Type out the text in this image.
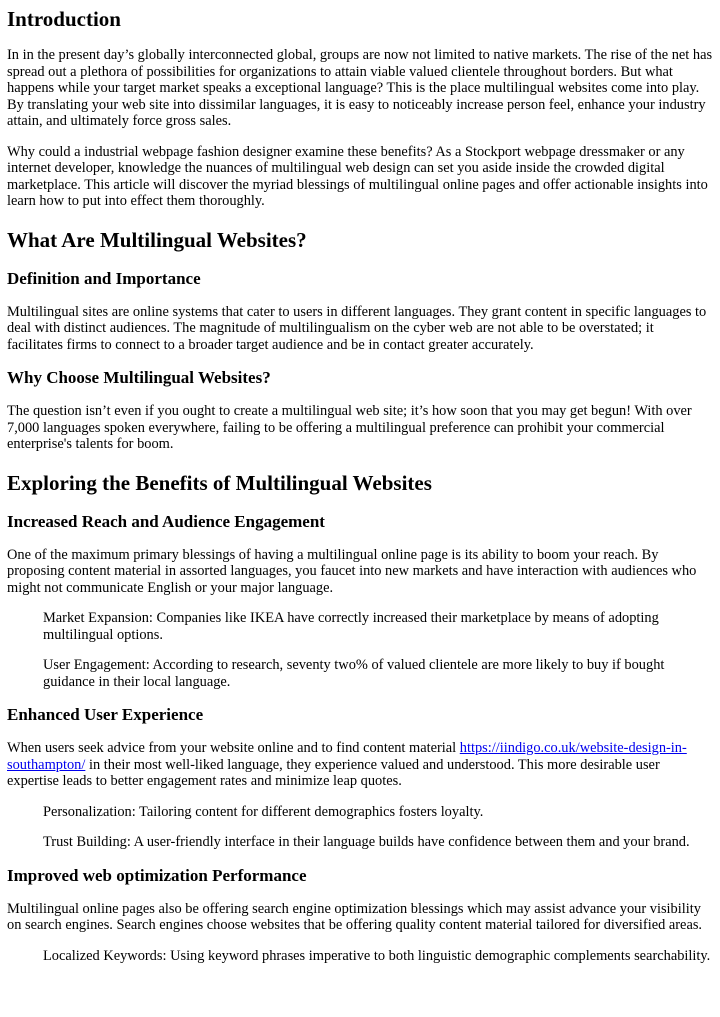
Introduction

In in the present day’s globally interconnected global, groups are now not limited to native markets. The rise of the net has spread out a plethora of possibilities for organizations to attain viable valued clientele throughout borders. But what happens while your target market speaks a exceptional language? This is the place multilingual websites come into play. By translating your web site into dissimilar languages, it is easy to noticeably increase person feel, enhance your industry attain, and ultimately force gross sales.

Why could a industrial webpage fashion designer examine these benefits? As a Stockport webpage dressmaker or any internet developer, knowledge the nuances of multilingual web design can set you aside inside the crowded digital marketplace. This article will discover the myriad blessings of multilingual online pages and offer actionable insights into learn how to put into effect them thoroughly.

What Are Multilingual Websites?
Definition and Importance

Multilingual sites are online systems that cater to users in different languages. They grant content in specific languages to deal with distinct audiences. The magnitude of multilingualism on the cyber web are not able to be overstated; it facilitates firms to connect to a broader target audience and be in contact greater accurately.

Why Choose Multilingual Websites?

The question isn’t even if you ought to create a multilingual web site; it’s how soon that you may get begun! With over 7,000 languages spoken everywhere, failing to be offering a multilingual preference can prohibit your commercial enterprise's talents for boom.

Exploring the Benefits of Multilingual Websites
Increased Reach and Audience Engagement

One of the maximum primary blessings of having a multilingual online page is its ability to boom your reach. By proposing content material in assorted languages, you faucet into new markets and have interaction with audiences who might not communicate English or your major language.

Market Expansion: Companies like IKEA have correctly increased their marketplace by means of adopting multilingual options.
User Engagement: According to research, seventy two% of valued clientele are more likely to buy if bought guidance in their local language.
Enhanced User Experience

When users seek advice from your website online and to find content material https://iindigo.co.uk/website-design-in-southampton/ in their most well-liked language, they experience valued and understood. This more desirable user expertise leads to better engagement rates and minimize leap quotes.

Personalization: Tailoring content for different demographics fosters loyalty.
Trust Building: A user-friendly interface in their language builds have confidence between them and your brand.
Improved web optimization Performance

Multilingual online pages also be offering search engine optimization blessings which may assist advance your visibility on search engines. Search engines choose websites that be offering quality content material tailored for diversified areas.

Localized Keywords: Using keyword phrases imperative to both linguistic demographic complements searchability.
